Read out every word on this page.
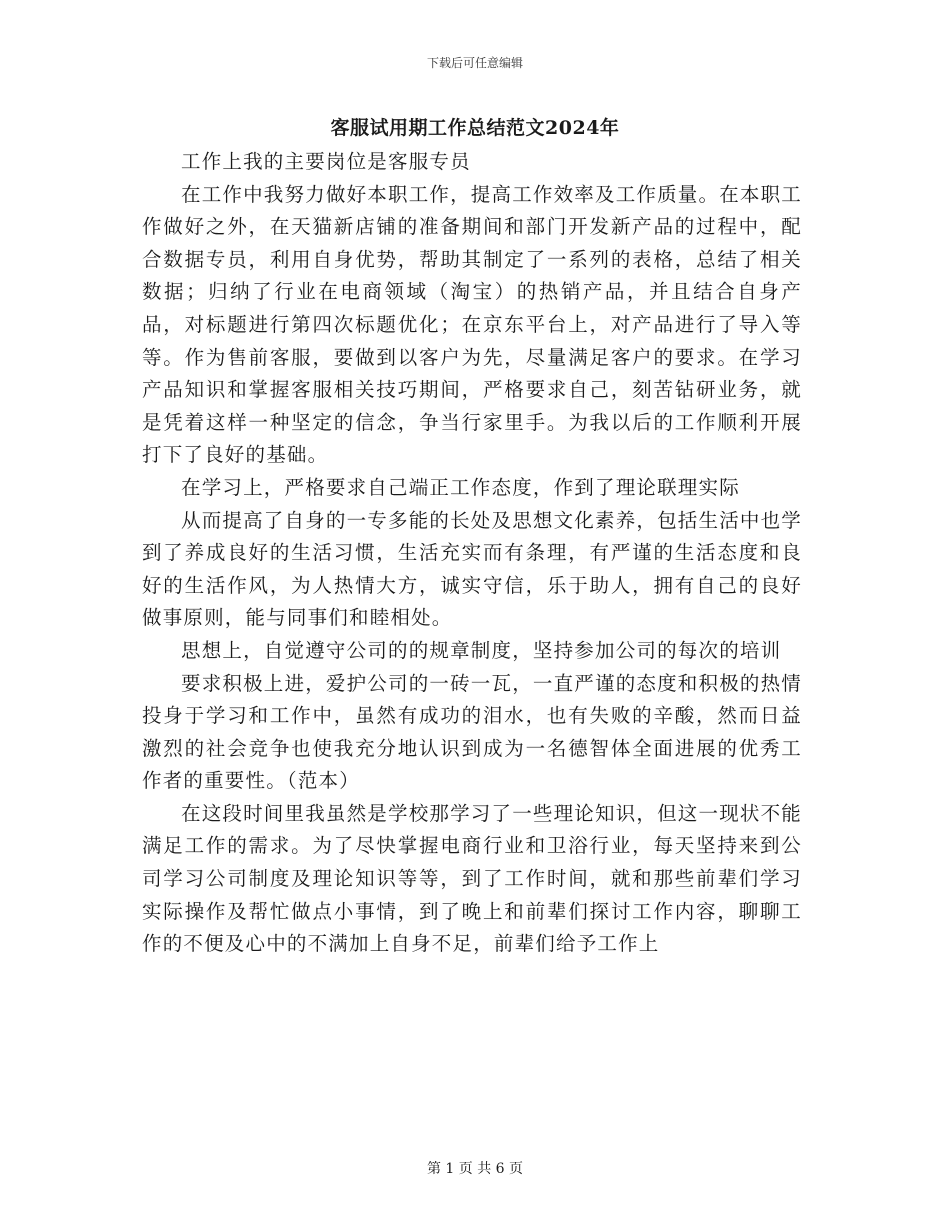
下载后可任意编辑
客服试用期工作总结范文2024年

工作上我的主要岗位是客服专员

在工作中我努力做好本职工作，提高工作效率及工作质量。在本职工作做好之外，在天猫新店铺的准备期间和部门开发新产品的过程中，配合数据专员，利用自身优势，帮助其制定了一系列的表格，总结了相关数据；归纳了行业在电商领域（淘宝）的热销产品，并且结合自身产品，对标题进行第四次标题优化；在京东平台上，对产品进行了导入等等。作为售前客服，要做到以客户为先，尽量满足客户的要求。在学习产品知识和掌握客服相关技巧期间，严格要求自己，刻苦钻研业务，就是凭着这样一种坚定的信念，争当行家里手。为我以后的工作顺利开展打下了良好的基础。

在学习上，严格要求自己端正工作态度，作到了理论联理实际

从而提高了自身的一专多能的长处及思想文化素养，包括生活中也学到了养成良好的生活习惯，生活充实而有条理，有严谨的生活态度和良好的生活作风，为人热情大方，诚实守信，乐于助人，拥有自己的良好做事原则，能与同事们和睦相处。

思想上，自觉遵守公司的的规章制度，坚持参加公司的每次的培训

要求积极上进，爱护公司的一砖一瓦，一直严谨的态度和积极的热情投身于学习和工作中，虽然有成功的泪水，也有失败的辛酸，然而日益激烈的社会竞争也使我充分地认识到成为一名德智体全面进展的优秀工作者的重要性。（范本）

在这段时间里我虽然是学校那学习了一些理论知识，但这一现状不能满足工作的需求。为了尽快掌握电商行业和卫浴行业，每天坚持来到公司学习公司制度及理论知识等等，到了工作时间，就和那些前辈们学习实际操作及帮忙做点小事情，到了晚上和前辈们探讨工作内容，聊聊工作的不便及心中的不满加上自身不足，前辈们给予工作上

第 1 页 共 6 页
